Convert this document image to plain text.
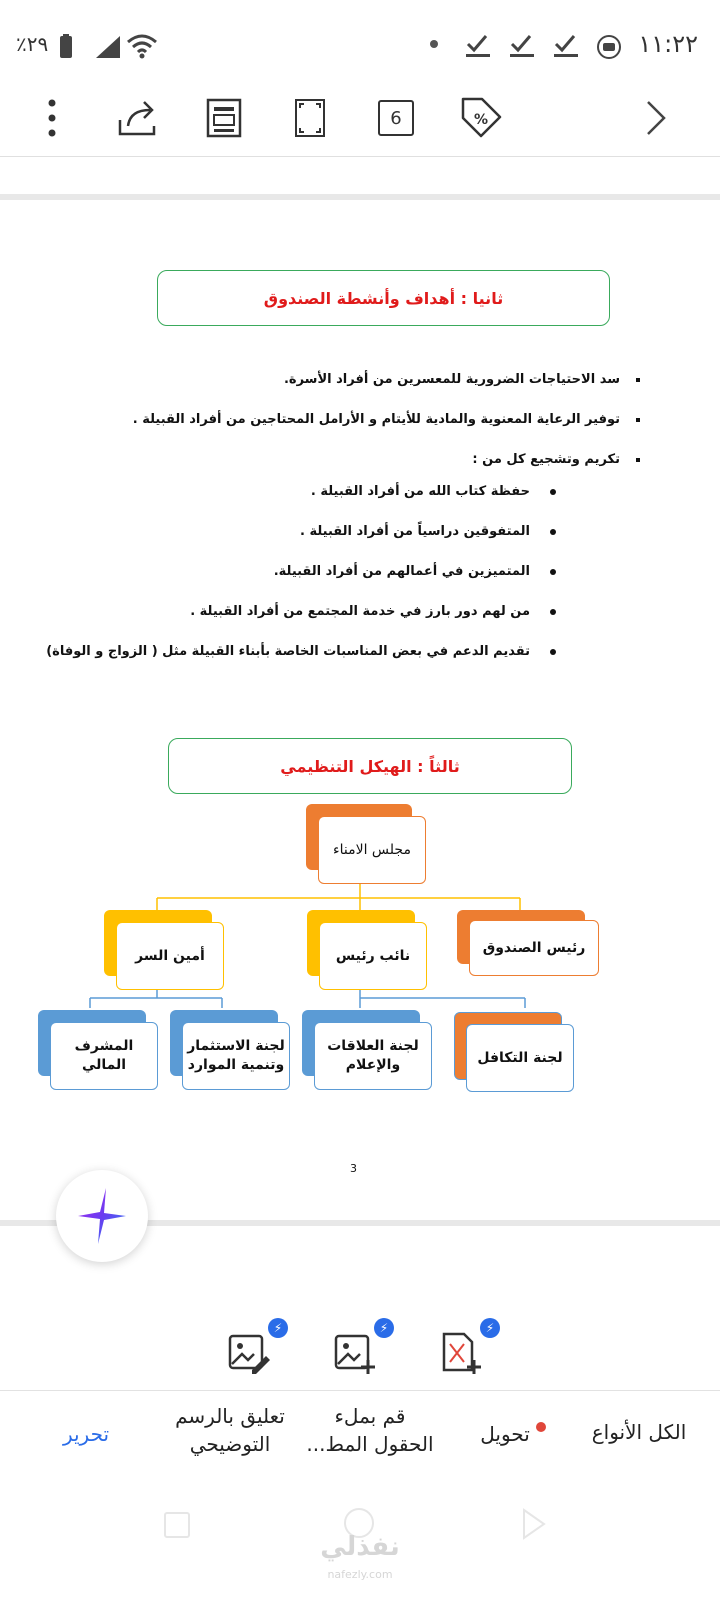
١١:٢٢
٪٢٩
6	%
ثانيا : أهداف وأنشطة الصندوق
سد الاحتياجات الضرورية للمعسرين من أفراد الأسرة.
توفير الرعاية المعنوية والمادية للأيتام و الأرامل المحتاجين من أفراد القبيلة .
تكريم وتشجيع كل من :
حفظة كتاب الله من أفراد القبيلة .
المتفوقين دراسياً من أفراد القبيلة .
المتميزين في أعمالهم من أفراد القبيلة.
من لهم دور بارز في خدمة المجتمع من أفراد القبيلة .
تقديم الدعم في بعض المناسبات الخاصة بأبناء القبيلة مثل ( الزواج و الوفاة)
ثالثاً : الهيكل التنظيمي
مجلس الامناء
أمين السر	نائب رئيس	رئيس الصندوق
المشرف المالي
لجنة الاستثمار وتنمية الموارد
لجنة العلاقات والإعلام	لجنة التكافل
3
⚡	⚡	⚡
الكل الأنواع
تحويل
قم بملء
الحقول المط...
تعليق بالرسم
التوضيحي
تحرير
نفذلي
nafezly.com
